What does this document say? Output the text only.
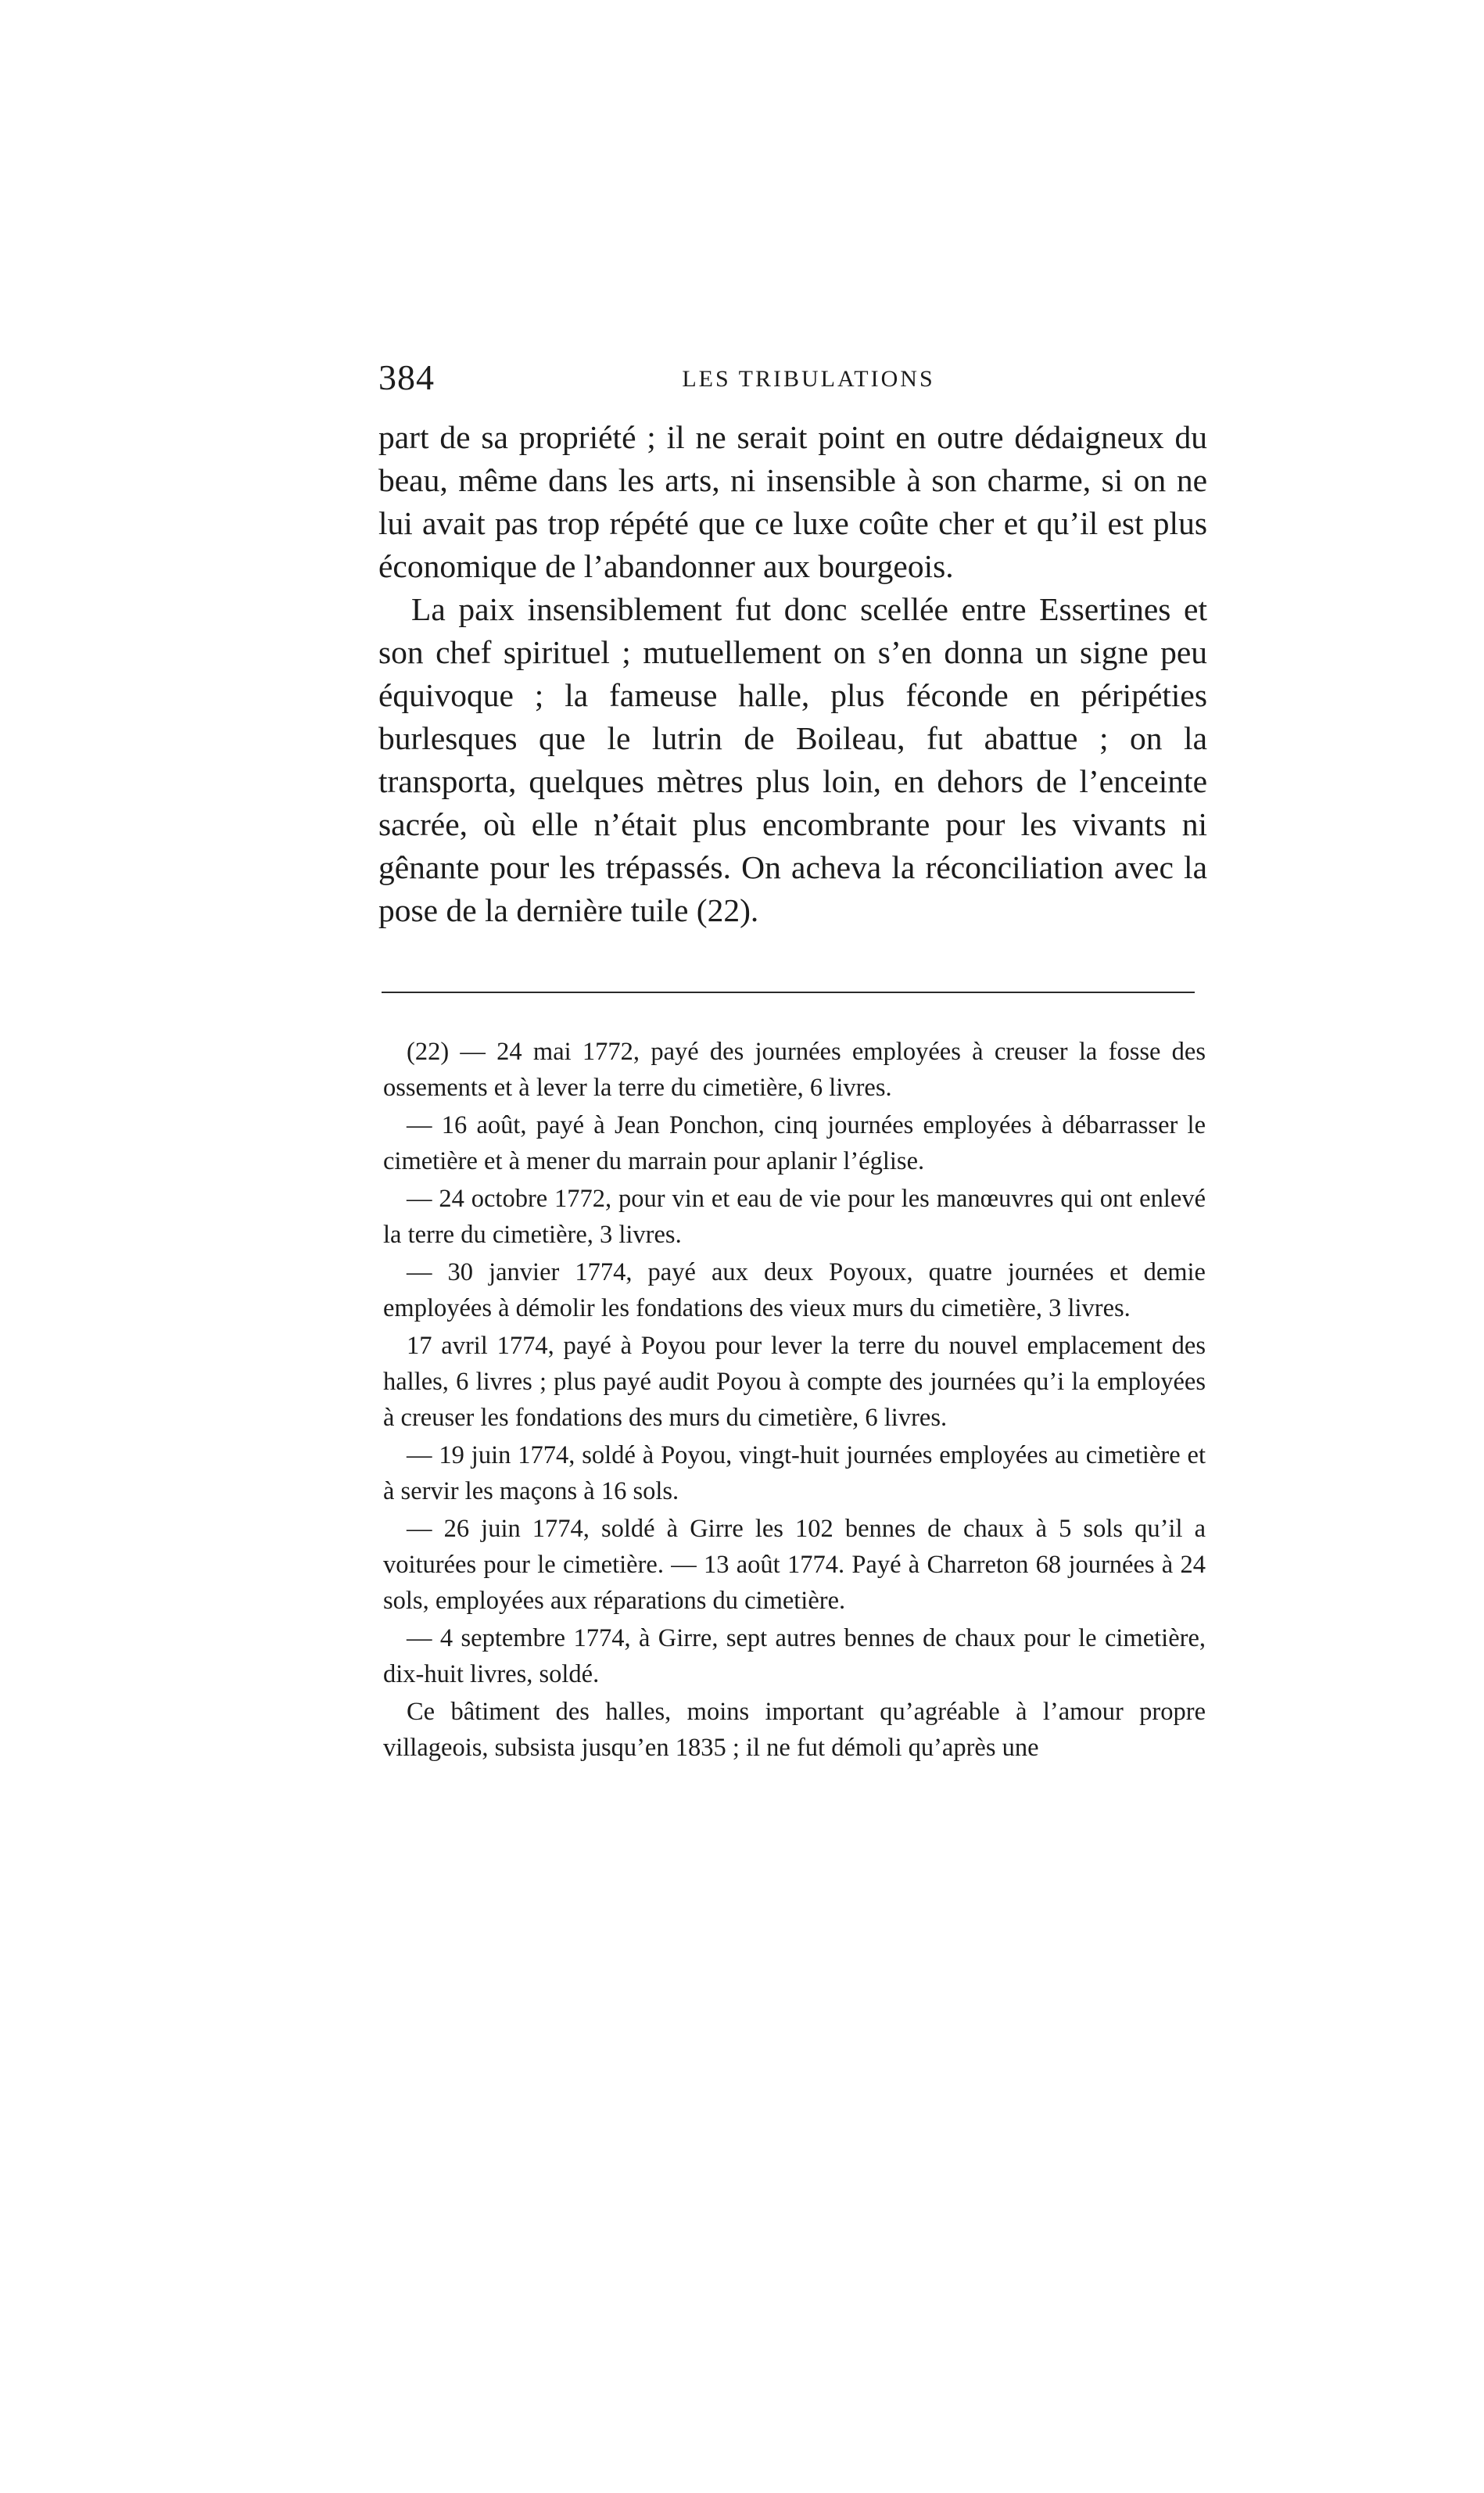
384	LES TRIBULATIONS

part de sa propriété ; il ne serait point en outre dédaigneux du beau, même dans les arts, ni insensible à son charme, si on ne lui avait pas trop répété que ce luxe coûte cher et qu’il est plus économique de l’abandonner aux bourgeois.

La paix insensiblement fut donc scellée entre Essertines et son chef spirituel ; mutuellement on s’en donna un signe peu équivoque ; la fameuse halle, plus féconde en péripéties burlesques que le lutrin de Boileau, fut abattue ; on la transporta, quelques mètres plus loin, en dehors de l’enceinte sacrée, où elle n’était plus encombrante pour les vivants ni gênante pour les trépassés. On acheva la réconciliation avec la pose de la dernière tuile (22).

(22) — 24 mai 1772, payé des journées employées à creuser la fosse des ossements et à lever la terre du cimetière, 6 livres.

— 16 août, payé à Jean Ponchon, cinq journées employées à débarrasser le cimetière et à mener du marrain pour aplanir l’église.

— 24 octobre 1772, pour vin et eau de vie pour les manœuvres qui ont enlevé la terre du cimetière, 3 livres.

— 30 janvier 1774, payé aux deux Poyoux, quatre journées et demie employées à démolir les fondations des vieux murs du cimetière, 3 livres.

17 avril 1774, payé à Poyou pour lever la terre du nouvel emplacement des halles, 6 livres ; plus payé audit Poyou à compte des journées qu’i la employées à creuser les fondations des murs du cimetière, 6 livres.

— 19 juin 1774, soldé à Poyou, vingt-huit journées employées au cimetière et à servir les maçons à 16 sols.

— 26 juin 1774, soldé à Girre les 102 bennes de chaux à 5 sols qu’il a voiturées pour le cimetière. — 13 août 1774. Payé à Charreton 68 journées à 24 sols, employées aux réparations du cimetière.

— 4 septembre 1774, à Girre, sept autres bennes de chaux pour le cimetière, dix-huit livres, soldé.

Ce bâtiment des halles, moins important qu’agréable à l’amour propre villageois, subsista jusqu’en 1835 ; il ne fut démoli qu’après une
